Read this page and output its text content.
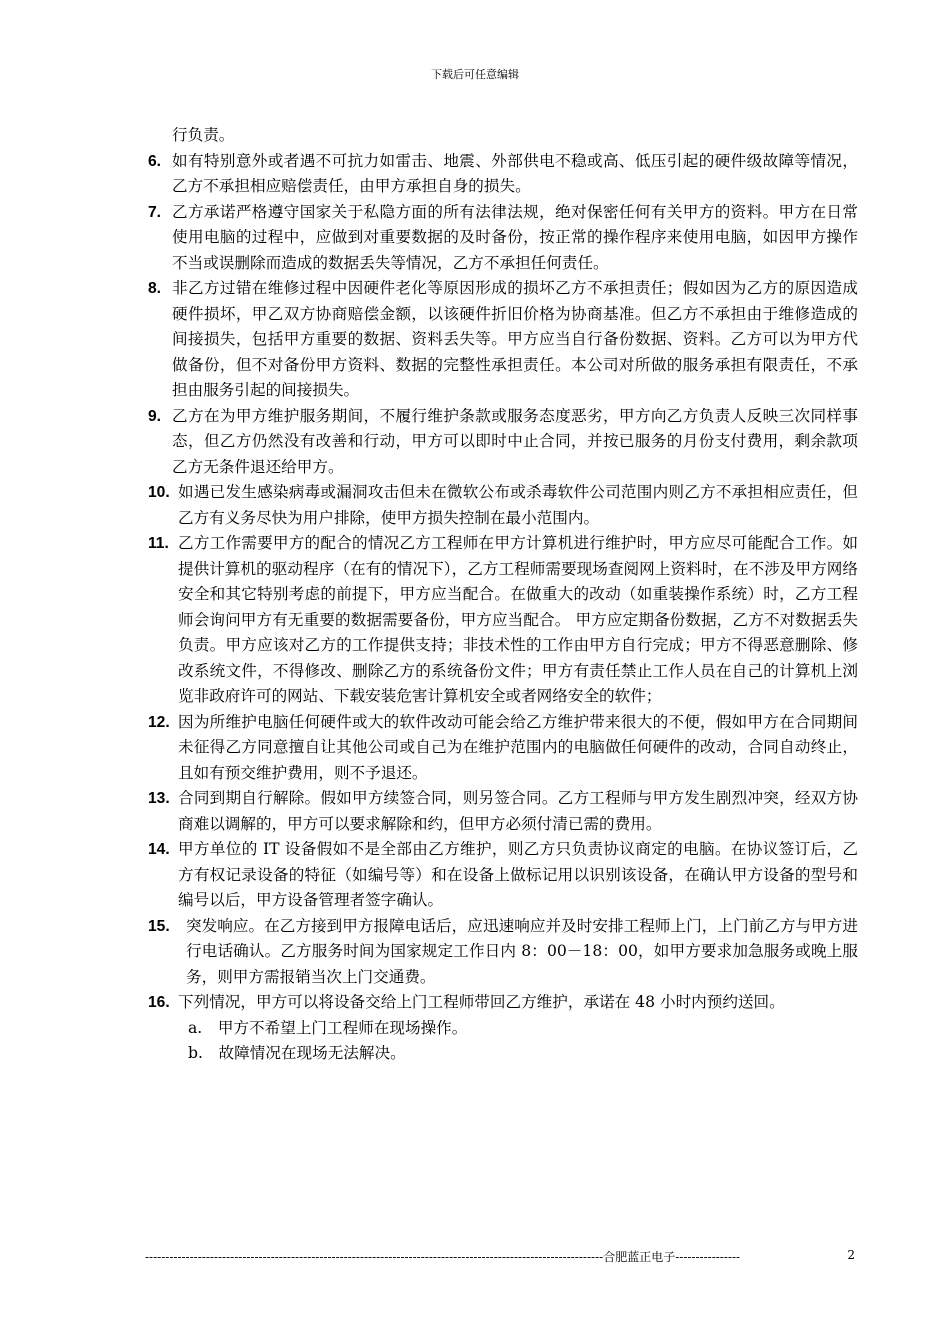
下载后可任意编辑
行负责。
6. 如有特别意外或者遇不可抗力如雷击、地震、外部供电不稳或高、低压引起的硬件级故障等情况，乙方不承担相应赔偿责任，由甲方承担自身的损失。
7. 乙方承诺严格遵守国家关于私隐方面的所有法律法规，绝对保密任何有关甲方的资料。甲方在日常使用电脑的过程中，应做到对重要数据的及时备份，按正常的操作程序来使用电脑，如因甲方操作不当或误删除而造成的数据丢失等情况，乙方不承担任何责任。
8. 非乙方过错在维修过程中因硬件老化等原因形成的损坏乙方不承担责任；假如因为乙方的原因造成硬件损坏，甲乙双方协商赔偿金额，以该硬件折旧价格为协商基准。但乙方不承担由于维修造成的间接损失，包括甲方重要的数据、资料丢失等。甲方应当自行备份数据、资料。乙方可以为甲方代做备份，但不对备份甲方资料、数据的完整性承担责任。本公司对所做的服务承担有限责任，不承担由服务引起的间接损失。
9. 乙方在为甲方维护服务期间，不履行维护条款或服务态度恶劣，甲方向乙方负责人反映三次同样事态，但乙方仍然没有改善和行动，甲方可以即时中止合同，并按已服务的月份支付费用，剩余款项乙方无条件退还给甲方。
10. 如遇已发生感染病毒或漏洞攻击但未在微软公布或杀毒软件公司范围内则乙方不承担相应责任，但乙方有义务尽快为用户排除，使甲方损失控制在最小范围内。
11. 乙方工作需要甲方的配合的情况乙方工程师在甲方计算机进行维护时，甲方应尽可能配合工作。如提供计算机的驱动程序（在有的情况下），乙方工程师需要现场查阅网上资料时，在不涉及甲方网络安全和其它特别考虑的前提下，甲方应当配合。在做重大的改动（如重装操作系统）时，乙方工程师会询问甲方有无重要的数据需要备份，甲方应当配合。 甲方应定期备份数据，乙方不对数据丢失负责。甲方应该对乙方的工作提供支持；非技术性的工作由甲方自行完成；甲方不得恶意删除、修改系统文件，不得修改、删除乙方的系统备份文件；甲方有责任禁止工作人员在自己的计算机上浏览非政府许可的网站、下载安装危害计算机安全或者网络安全的软件；
12. 因为所维护电脑任何硬件或大的软件改动可能会给乙方维护带来很大的不便，假如甲方在合同期间未征得乙方同意擅自让其他公司或自己为在维护范围内的电脑做任何硬件的改动，合同自动终止，且如有预交维护费用，则不予退还。
13. 合同到期自行解除。假如甲方续签合同，则另签合同。乙方工程师与甲方发生剧烈冲突，经双方协商难以调解的，甲方可以要求解除和约，但甲方必须付清已需的费用。
14. 甲方单位的 IT 设备假如不是全部由乙方维护，则乙方只负责协议商定的电脑。在协议签订后，乙方有权记录设备的特征（如编号等）和在设备上做标记用以识别该设备，在确认甲方设备的型号和编号以后，甲方设备管理者签字确认。
15.	突发响应。在乙方接到甲方报障电话后，应迅速响应并及时安排工程师上门，上门前乙方与甲方进行电话确认。乙方服务时间为国家规定工作日内 8：00－18：00，如甲方要求加急服务或晚上服务，则甲方需报销当次上门交通费。
16. 下列情况，甲方可以将设备交给上门工程师带回乙方维护，承诺在 48 小时内预约送回。
a.　甲方不希望上门工程师在现场操作。
b.　故障情况在现场无法解决。
-----------------------------------------------------------------------------------------------------------------合肥蓝正电子----------------	2
